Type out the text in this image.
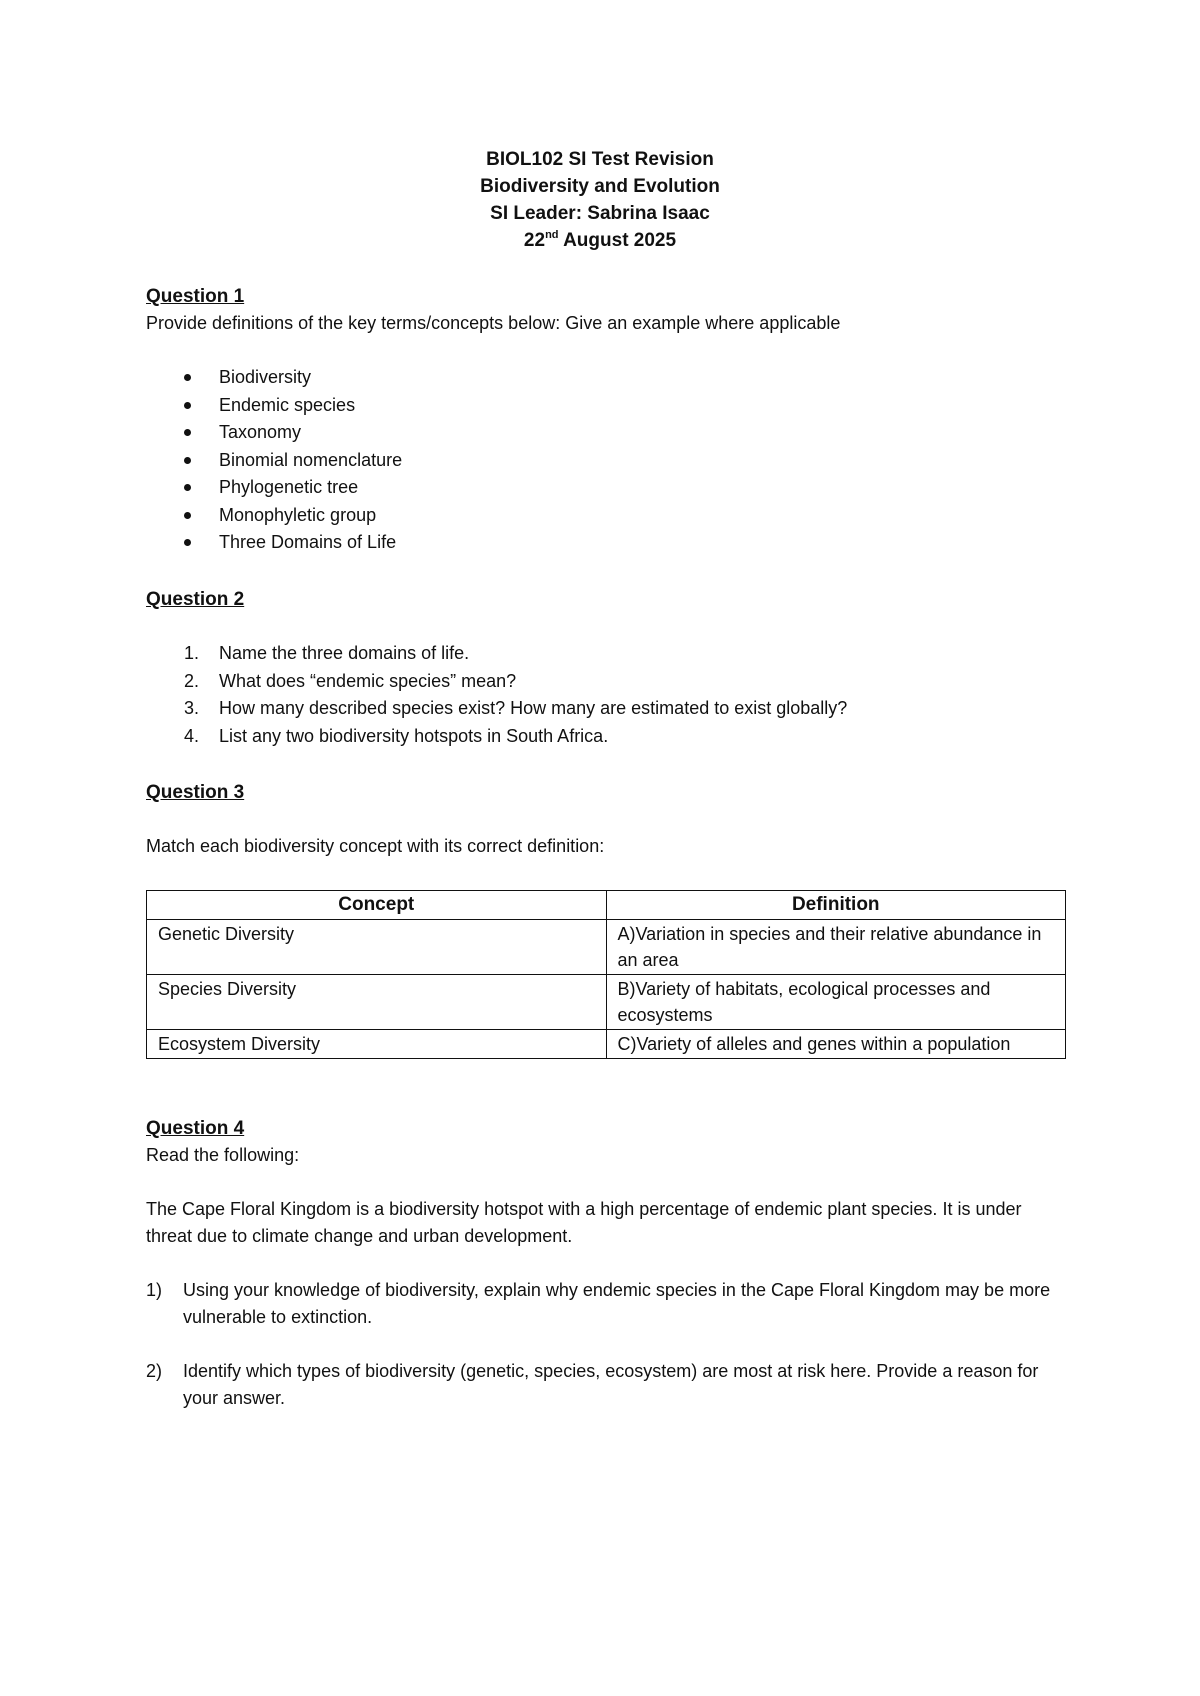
BIOL102 SI Test Revision
Biodiversity and Evolution
SI Leader: Sabrina Isaac
22nd August 2025
Question 1

Provide definitions of the key terms/concepts below: Give an example where applicable

Biodiversity
Endemic species
Taxonomy
Binomial nomenclature
Phylogenetic tree
Monophyletic group
Three Domains of Life
Question 2
1. Name the three domains of life.
2. What does “endemic species” mean?
3. How many described species exist? How many are estimated to exist globally?
4. List any two biodiversity hotspots in South Africa.
Question 3

Match each biodiversity concept with its correct definition:

Concept	Definition
Genetic Diversity	A)Variation in species and their relative abundance in an area
Species Diversity	B)Variety of habitats, ecological processes and ecosystems
Ecosystem Diversity	C)Variety of alleles and genes within a population
Question 4

Read the following:

The Cape Floral Kingdom is a biodiversity hotspot with a high percentage of endemic plant species. It is under threat due to climate change and urban development.

1) Using your knowledge of biodiversity, explain why endemic species in the Cape Floral Kingdom may be more vulnerable to extinction.
2) Identify which types of biodiversity (genetic, species, ecosystem) are most at risk here. Provide a reason for your answer.
